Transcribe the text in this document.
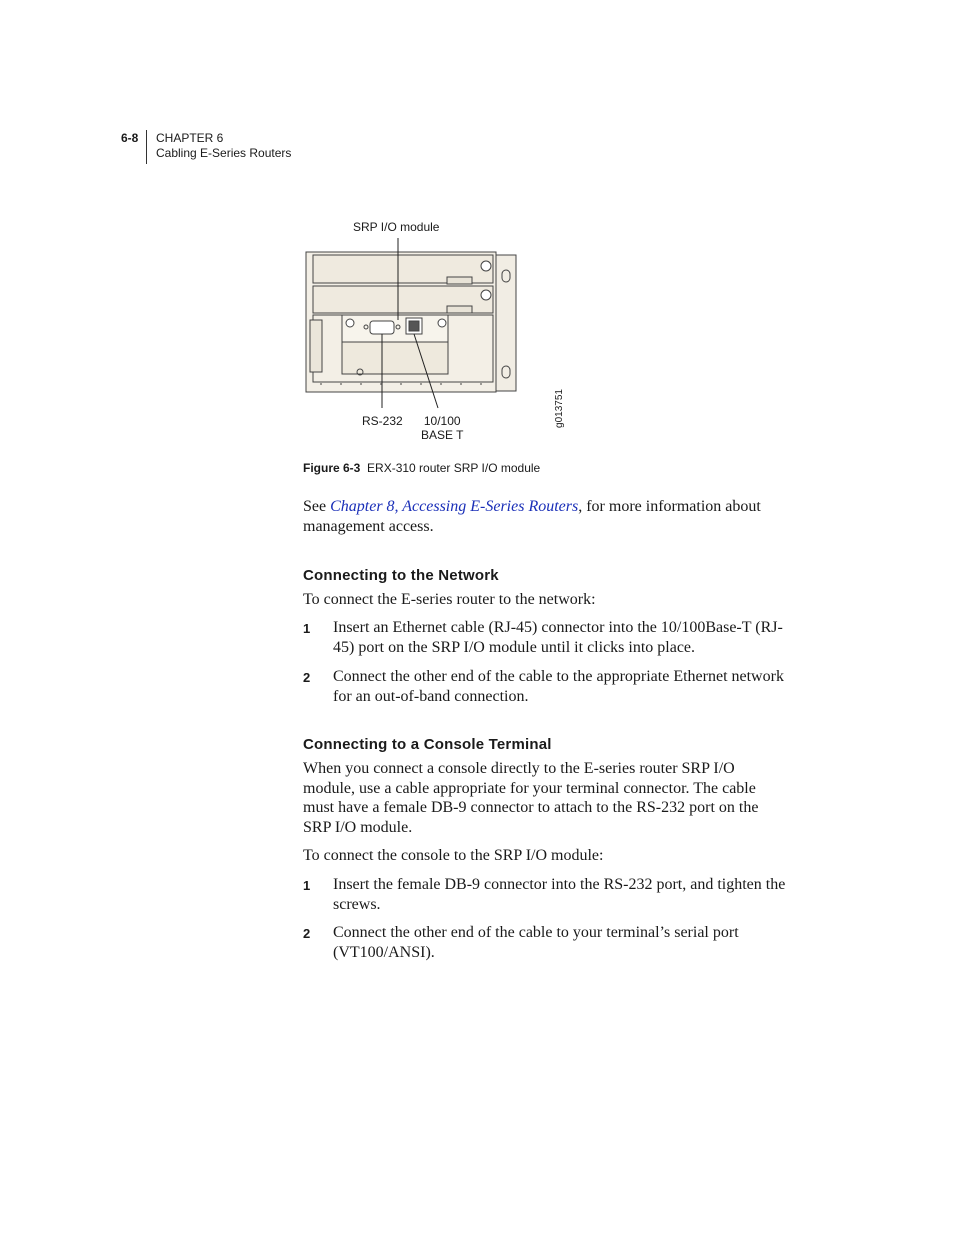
6-8 CHAPTER 6
Cabling E-Series Routers
SRP I/O module
RS-232 10/100
BASE T
g013751
Figure 6-3 ERX-310 router SRP I/O module
See Chapter 8, Accessing E-Series Routers, for more information about management access.
Connecting to the Network
To connect the E-series router to the network:
1 Insert an Ethernet cable (RJ-45) connector into the 10/100Base-T (RJ-45) port on the SRP I/O module until it clicks into place.
2 Connect the other end of the cable to the appropriate Ethernet network for an out-of-band connection.
Connecting to a Console Terminal
When you connect a console directly to the E-series router SRP I/O module, use a cable appropriate for your terminal connector. The cable must have a female DB-9 connector to attach to the RS-232 port on the SRP I/O module.
To connect the console to the SRP I/O module:
1 Insert the female DB-9 connector into the RS-232 port, and tighten the screws.
2 Connect the other end of the cable to your terminal’s serial port (VT100/ANSI).
